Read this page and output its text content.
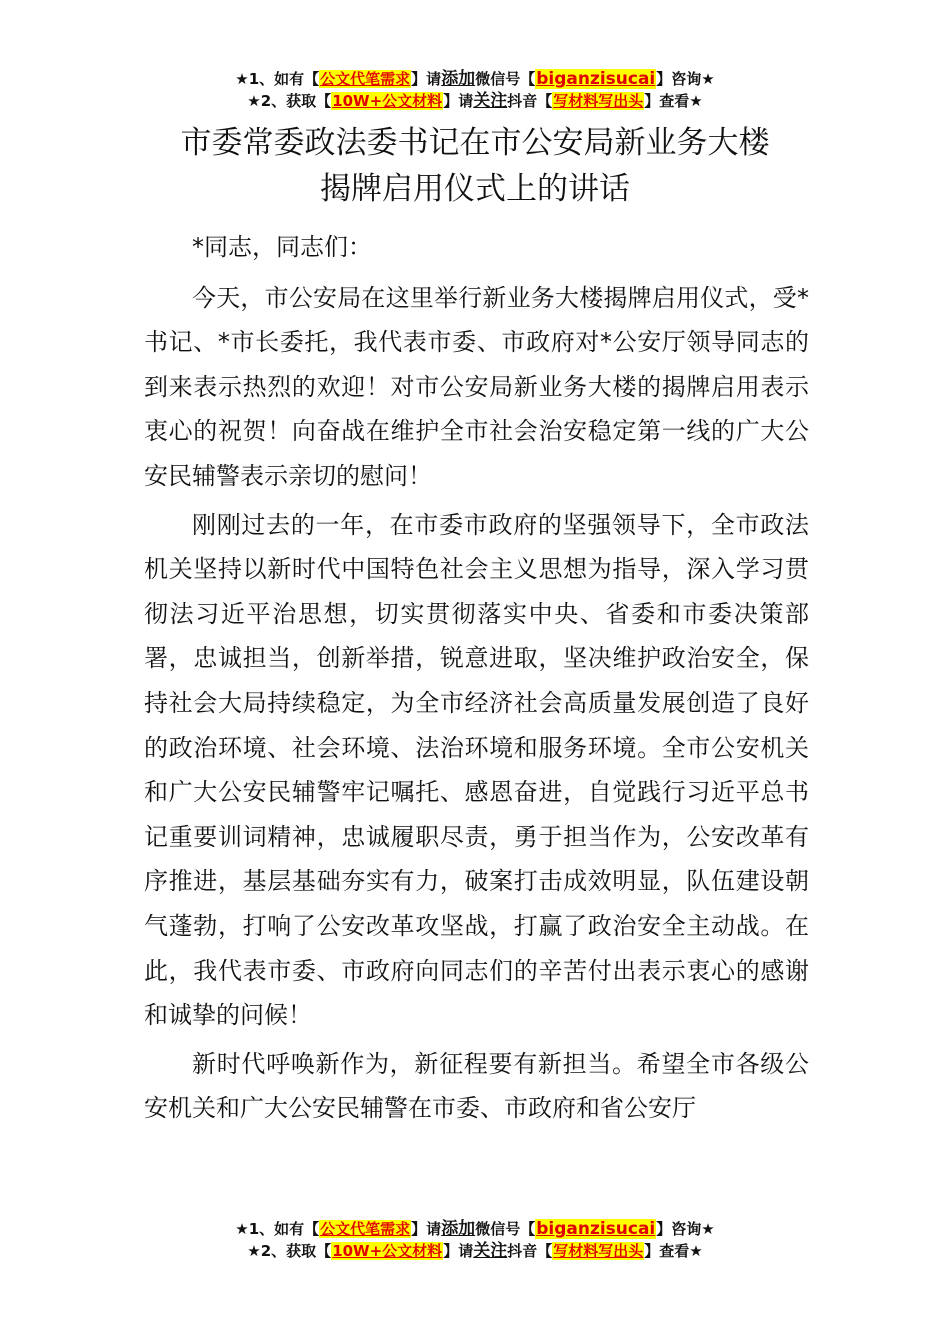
★1、如有【公文代笔需求】请添加微信号【biganzisucai】咨询★
★2、获取【10W+公文材料】请关注抖音【写材料写出头】查看★
市委常委政法委书记在市公安局新业务大楼
揭牌启用仪式上的讲话

*同志，同志们：

今天，市公安局在这里举行新业务大楼揭牌启用仪式，受*书记、*市长委托，我代表市委、市政府对*公安厅领导同志的到来表示热烈的欢迎！对市公安局新业务大楼的揭牌启用表示衷心的祝贺！向奋战在维护全市社会治安稳定第一线的广大公安民辅警表示亲切的慰问！

刚刚过去的一年，在市委市政府的坚强领导下，全市政法机关坚持以新时代中国特色社会主义思想为指导，深入学习贯彻法习近平治思想，切实贯彻落实中央、省委和市委决策部署，忠诚担当，创新举措，锐意进取，坚决维护政治安全，保持社会大局持续稳定，为全市经济社会高质量发展创造了良好的政治环境、社会环境、法治环境和服务环境。全市公安机关和广大公安民辅警牢记嘱托、感恩奋进，自觉践行习近平总书记重要训词精神，忠诚履职尽责，勇于担当作为，公安改革有序推进，基层基础夯实有力，破案打击成效明显，队伍建设朝气蓬勃，打响了公安改革攻坚战，打赢了政治安全主动战。在此，我代表市委、市政府向同志们的辛苦付出表示衷心的感谢和诚挚的问候！

新时代呼唤新作为，新征程要有新担当。希望全市各级公安机关和广大公安民辅警在市委、市政府和省公安厅

★1、如有【公文代笔需求】请添加微信号【biganzisucai】咨询★
★2、获取【10W+公文材料】请关注抖音【写材料写出头】查看★
